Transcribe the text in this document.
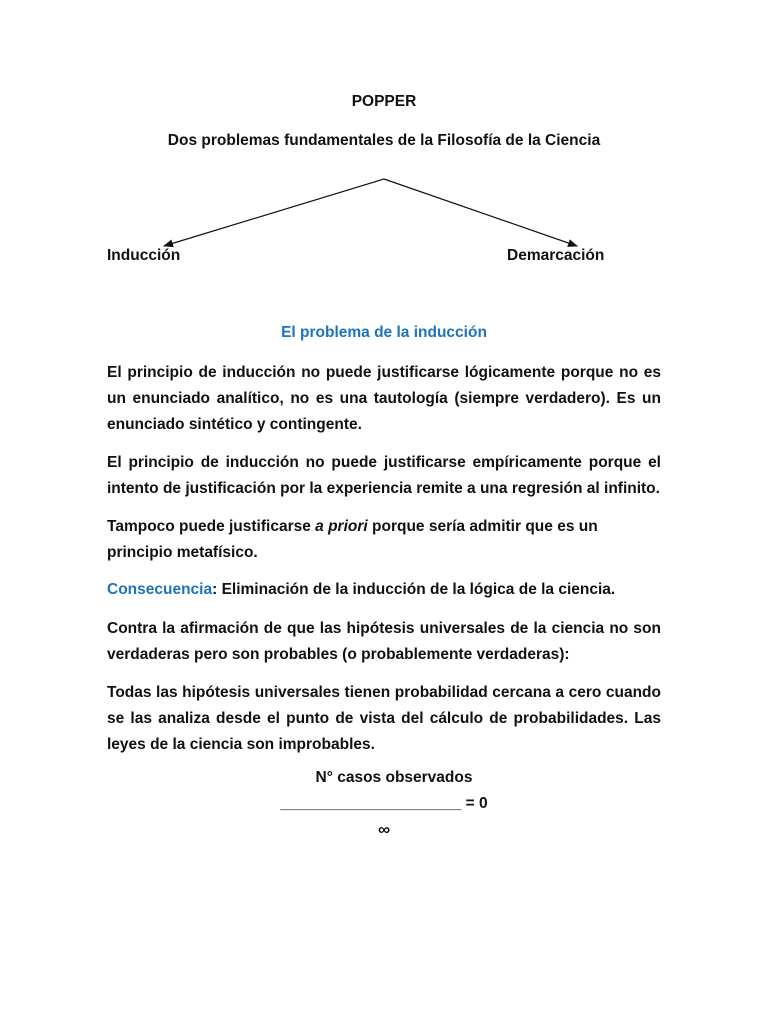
POPPER
Dos problemas fundamentales de la Filosofía de la Ciencia
Inducción	Demarcación
El problema de la inducción
El principio de inducción no puede justificarse lógicamente porque no es un enunciado analítico, no es una tautología (siempre verdadero). Es un enunciado sintético y contingente.
El principio de inducción no puede justificarse empíricamente porque el intento de justificación por la experiencia remite a una regresión al infinito.
Tampoco puede justificarse a priori porque sería admitir que es un principio metafísico.
Consecuencia: Eliminación de la inducción de la lógica de la ciencia.
Contra la afirmación de que las hipótesis universales de la ciencia no son verdaderas pero son probables (o probablemente verdaderas):
Todas las hipótesis universales tienen probabilidad cercana a cero cuando se las analiza desde el punto de vista del cálculo de probabilidades. Las leyes de la ciencia son improbables.
N° casos observados
_____________________ = 0
∞
